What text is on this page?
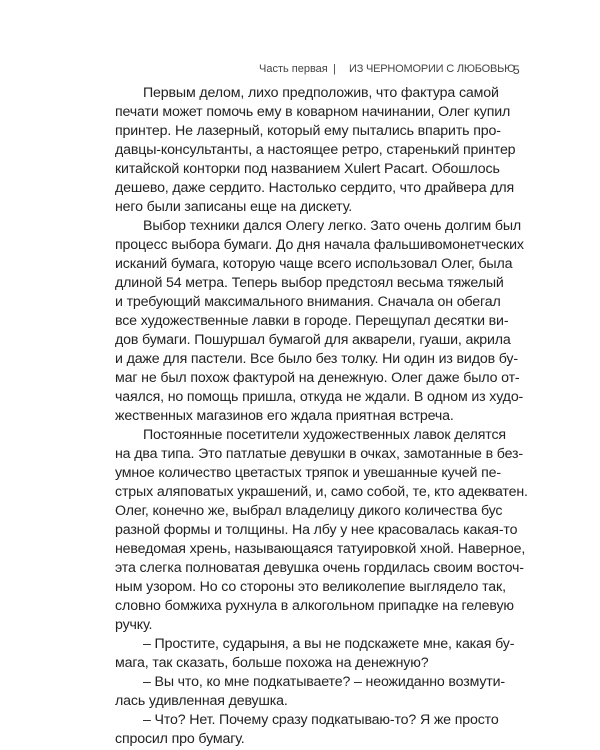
Часть первая | ИЗ ЧЕРНОМОРИИ С ЛЮБОВЬЮ
5
Первым делом, лихо предположив, что фактура самой
печати может помочь ему в коварном начинании, Олег купил
принтер. Не лазерный, который ему пытались впарить про-
давцы-консультанты, а настоящее ретро, старенький принтер
китайской конторки под названием Xulert Pacart. Обошлось
дешево, даже сердито. Настолько сердито, что драйвера для
него были записаны еще на дискету.
Выбор техники дался Олегу легко. Зато очень долгим был
процесс выбора бумаги. До дня начала фальшивомонетческих
исканий бумага, которую чаще всего использовал Олег, была
длиной 54 метра. Теперь выбор предстоял весьма тяжелый
и требующий максимального внимания. Сначала он обегал
все художественные лавки в городе. Перещупал десятки ви-
дов бумаги. Пошуршал бумагой для акварели, гуаши, акрила
и даже для пастели. Все было без толку. Ни один из видов бу-
маг не был похож фактурой на денежную. Олег даже было от-
чаялся, но помощь пришла, откуда не ждали. В одном из худо-
жественных магазинов его ждала приятная встреча.
Постоянные посетители художественных лавок делятся
на два типа. Это патлатые девушки в очках, замотанные в без-
умное количество цветастых тряпок и увешанные кучей пе-
стрых аляповатых украшений, и, само собой, те, кто адекватен.
Олег, конечно же, выбрал владелицу дикого количества бус
разной формы и толщины. На лбу у нее красовалась какая-то
неведомая хрень, называющаяся татуировкой хной. Наверное,
эта слегка полноватая девушка очень гордилась своим восточ-
ным узором. Но со стороны это великолепие выглядело так,
словно бомжиха рухнула в алкогольном припадке на гелевую
ручку.
– Простите, сударыня, а вы не подскажете мне, какая бу-
мага, так сказать, больше похожа на денежную?
– Вы что, ко мне подкатываете? – неожиданно возмути-
лась удивленная девушка.
– Что? Нет. Почему сразу подкатываю-то? Я же просто
спросил про бумагу.
